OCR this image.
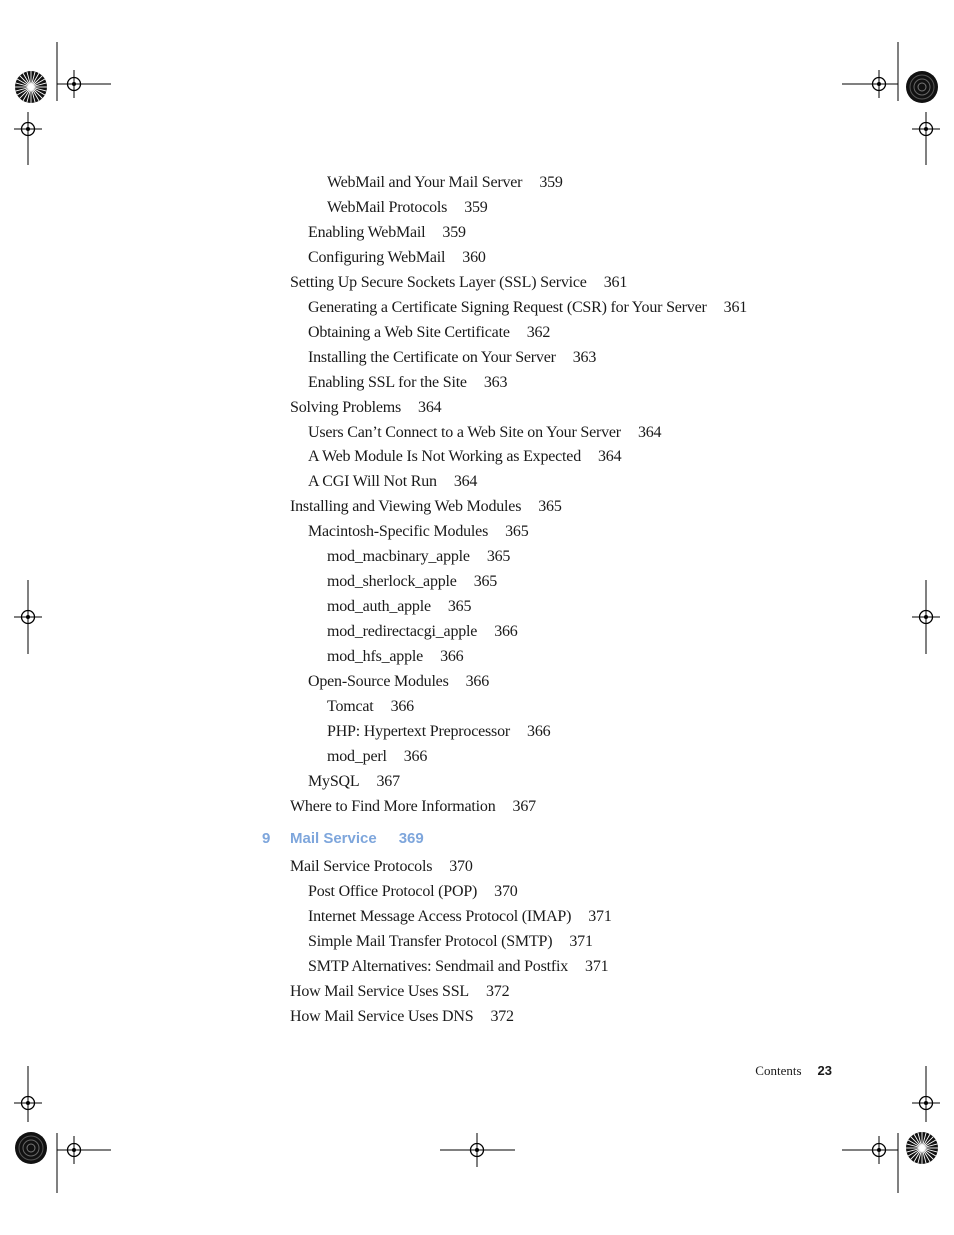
WebMail and Your Mail Server 359
WebMail Protocols 359
Enabling WebMail 359
Configuring WebMail 360
Setting Up Secure Sockets Layer (SSL) Service 361
Generating a Certificate Signing Request (CSR) for Your Server 361
Obtaining a Web Site Certificate 362
Installing the Certificate on Your Server 363
Enabling SSL for the Site 363
Solving Problems 364
Users Can’t Connect to a Web Site on Your Server 364
A Web Module Is Not Working as Expected 364
A CGI Will Not Run 364
Installing and Viewing Web Modules 365
Macintosh-Specific Modules 365
mod_macbinary_apple 365
mod_sherlock_apple 365
mod_auth_apple 365
mod_redirectacgi_apple 366
mod_hfs_apple 366
Open-Source Modules 366
Tomcat 366
PHP: Hypertext Preprocessor 366
mod_perl 366
MySQL 367
Where to Find More Information 367
9 Mail Service 369
Mail Service Protocols 370
Post Office Protocol (POP) 370
Internet Message Access Protocol (IMAP) 371
Simple Mail Transfer Protocol (SMTP) 371
SMTP Alternatives: Sendmail and Postfix 371
How Mail Service Uses SSL 372
How Mail Service Uses DNS 372
Contents 23
